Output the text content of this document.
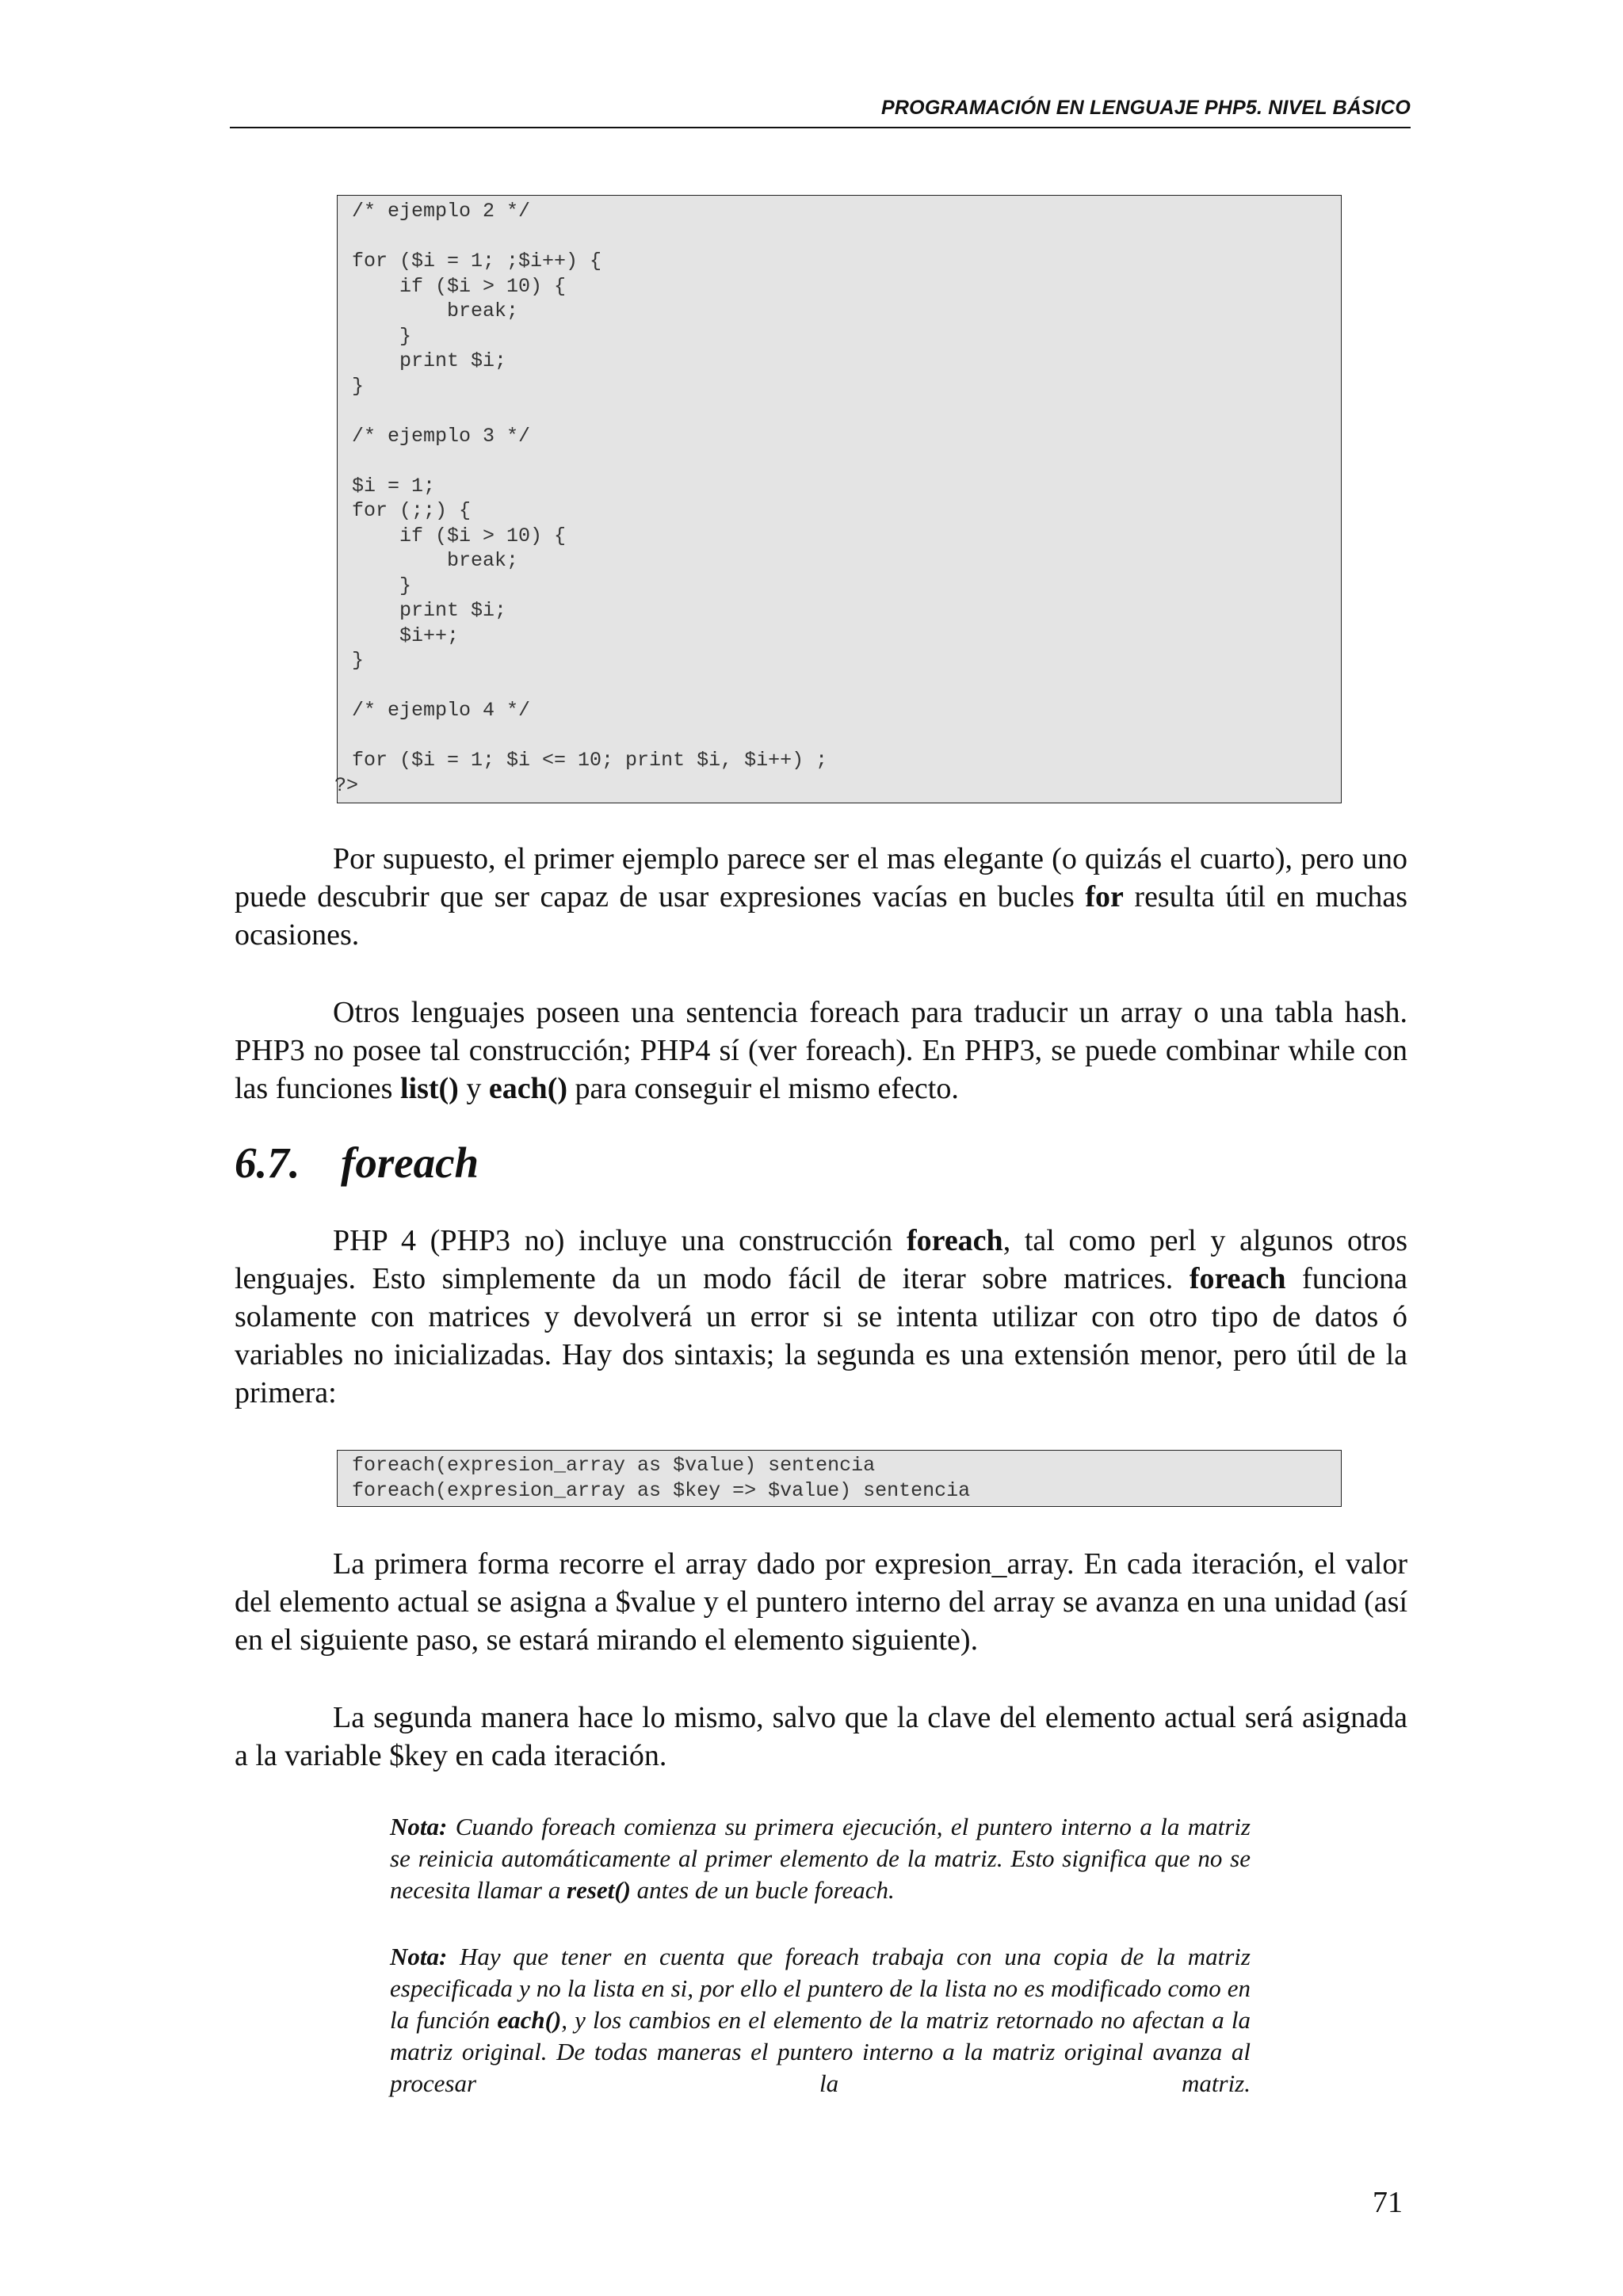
PROGRAMACIÓN EN LENGUAJE PHP5. NIVEL BÁSICO
/* ejemplo 2 */

for ($i = 1; ;$i++) {
if ($i > 10) {
break;
}
print $i;
}

/* ejemplo 3 */

$i = 1;
for (;;) {
if ($i > 10) {
break;
}
print $i;
$i++;
}

/* ejemplo 4 */

for ($i = 1; $i <= 10; print $i, $i++) ;
?>

Por supuesto, el primer ejemplo parece ser el mas elegante (o quizás el cuarto), pero uno puede descubrir que ser capaz de usar expresiones vacías en bucles for resulta útil en muchas ocasiones.

Otros lenguajes poseen una sentencia foreach para traducir un array o una tabla hash. PHP3 no posee tal construcción; PHP4 sí (ver foreach). En PHP3, se puede combinar while con las funciones list() y each() para conseguir el mismo efecto.

6.7. foreach

PHP 4 (PHP3 no) incluye una construcción foreach, tal como perl y algunos otros lenguajes. Esto simplemente da un modo fácil de iterar sobre matrices. foreach funciona solamente con matrices y devolverá un error si se intenta utilizar con otro tipo de datos ó variables no inicializadas. Hay dos sintaxis; la segunda es una extensión menor, pero útil de la primera:

foreach(expresion_array as $value) sentencia
foreach(expresion_array as $key => $value) sentencia

La primera forma recorre el array dado por expresion_array. En cada iteración, el valor del elemento actual se asigna a $value y el puntero interno del array se avanza en una unidad (así en el siguiente paso, se estará mirando el elemento siguiente).

La segunda manera hace lo mismo, salvo que la clave del elemento actual será asignada a la variable $key en cada iteración.

Nota: Cuando foreach comienza su primera ejecución, el puntero interno a la matriz se reinicia automáticamente al primer elemento de la matriz. Esto significa que no se necesita llamar a reset() antes de un bucle foreach.

Nota: Hay que tener en cuenta que foreach trabaja con una copia de la matriz especificada y no la lista en si, por ello el puntero de la lista no es modificado como en la función each(), y los cambios en el elemento de la matriz retornado no afectan a la matriz original. De todas maneras el puntero interno a la matriz original avanza al procesar la matriz.

71
